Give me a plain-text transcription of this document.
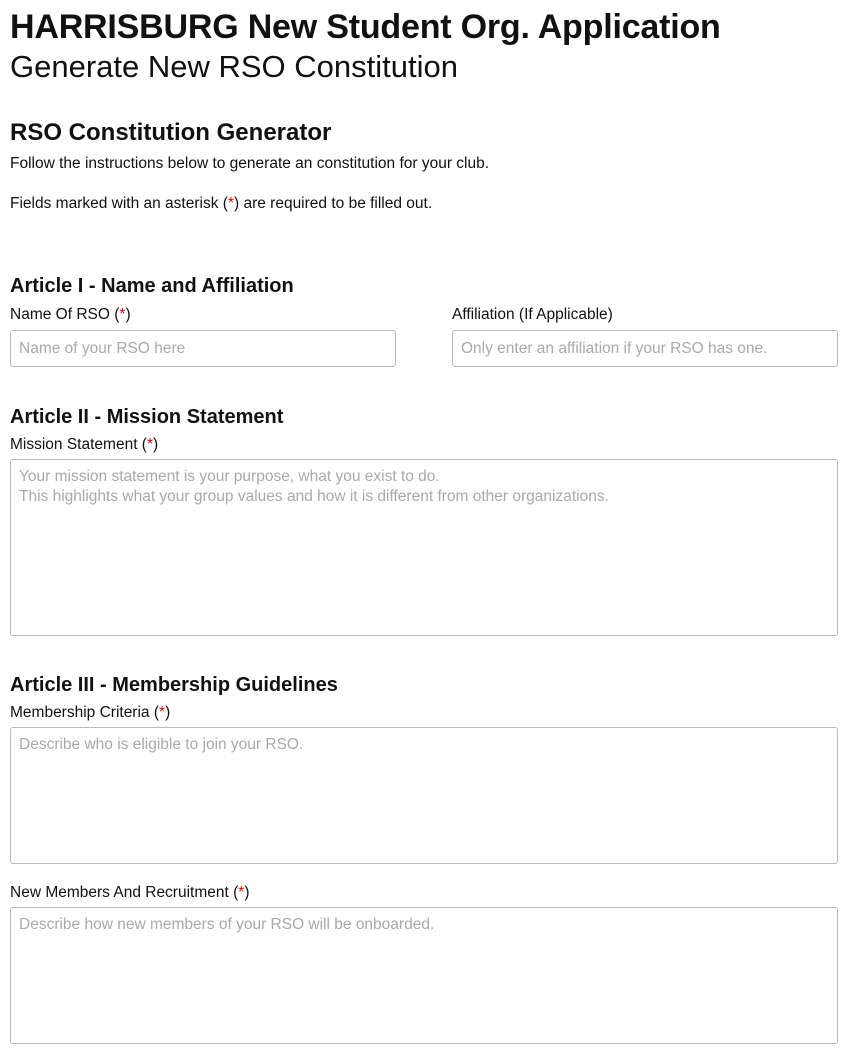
HARRISBURG New Student Org. Application
Generate New RSO Constitution
RSO Constitution Generator

Follow the instructions below to generate an constitution for your club.

Fields marked with an asterisk (*) are required to be filled out.

Article I - Name and Affiliation
Name Of RSO (*)
Name of your RSO here	Affiliation (If Applicable)
Only enter an affiliation if your RSO has one.
Article II - Mission Statement
Mission Statement (*)
Your mission statement is your purpose, what you exist to do. This highlights what your group values and how it is different from other organizations.
Article III - Membership Guidelines
Membership Criteria (*)
Describe who is eligible to join your RSO.
New Members And Recruitment (*)
Describe how new members of your RSO will be onboarded.
